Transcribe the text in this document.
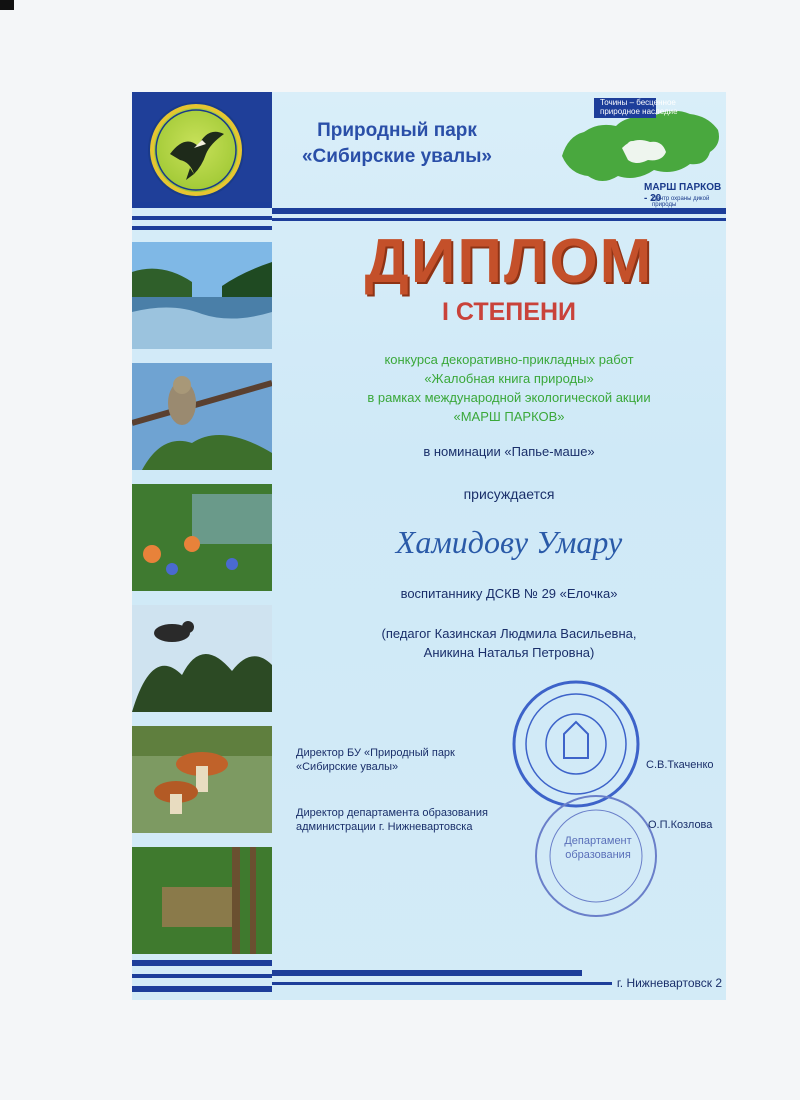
Природный парк
«Сибирские увалы»
Точины – бесценное
природное наследие
МАРШ ПАРКОВ - 20
Центр охраны дикой природы
ДИПЛОМ
I СТЕПЕНИ
конкурса декоративно-прикладных работ
«Жалобная книга природы»
в рамках международной экологической акции
«МАРШ ПАРКОВ»
в номинации «Папье-маше»
присуждается
Хамидову Умару
воспитаннику ДСКВ № 29 «Елочка»
(педагог Казинская Людмила Васильевна,
Аникина Наталья Петровна)
Департамент
образования
Директор БУ «Природный парк
«Сибирские увалы»	С.В.Ткаченко
Директор департамента образования
администрации г. Нижневартовска	О.П.Козлова
г. Нижневартовск 2
